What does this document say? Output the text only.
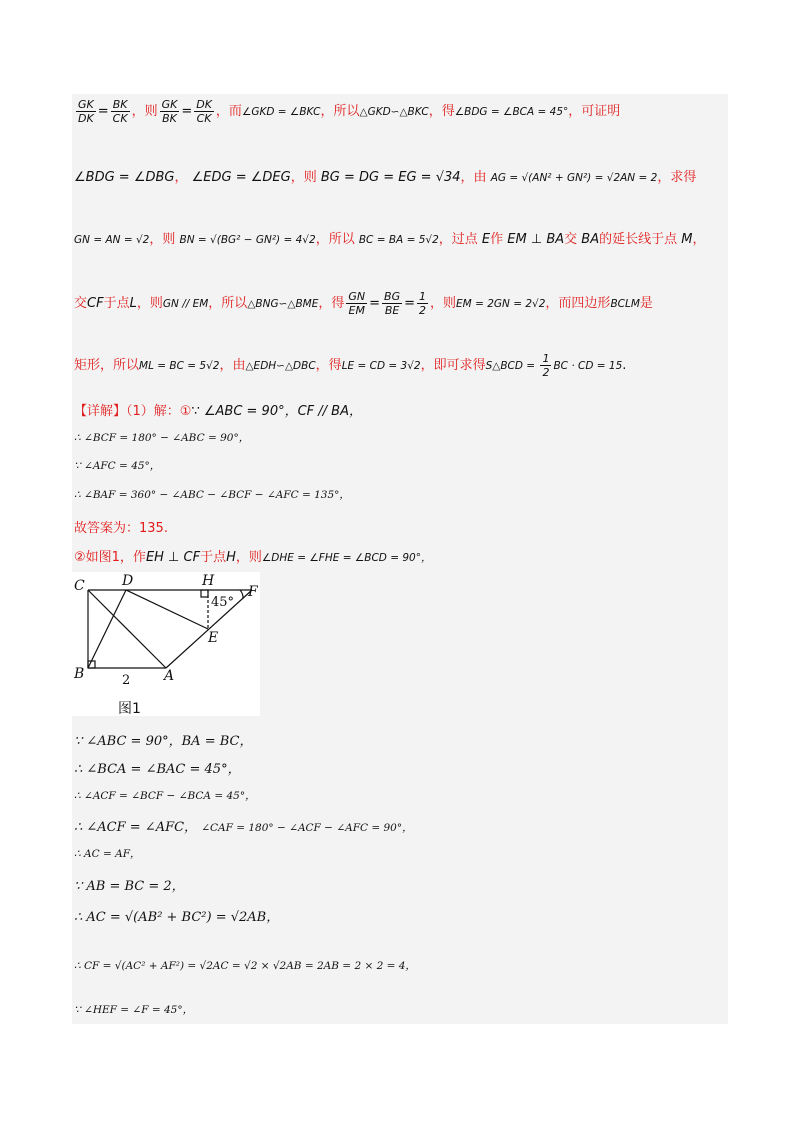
$\frac{GK}{DK} = \frac{BK}{CK}$ ，则 $\frac{GK}{BK} = \frac{DK}{CK}$ ，而∠GKD = ∠BKC，所以△GKD∽△BKC，得∠BDG = ∠BCA = 45°，可证明
∠BDG = ∠DBG， ∠EDG = ∠DEG，则 BG = DG = EG = √34，由 AG = √(AN² + GN²) = √2AN = 2，求得
GN = AN = √2，则 BN = √(BG² − GN²) = 4√2，所以 BC = BA = 5√2，过点 E作 EM ⊥ BA交 BA的延长线于点 M，
交CF于点L，则GN // EM，所以△BNG∽△BME，得 $\frac{GN}{EM} = \frac{BG}{BE} = \frac{1}{2}$ ，则EM = 2GN = 2√2，而四边形BCLM是
矩形，所以ML = BC = 5√2，由△EDH∽△DBC，得LE = CD = 3√2，即可求得S△BCD = $\frac{1}{2}$ BC · CD = 15.
【详解】（1）解：①∵ ∠ABC = 90°，CF // BA，
∴ ∠BCF = 180° − ∠ABC = 90°，
∵ ∠AFC = 45°，
∴ ∠BAF = 360° − ∠ABC − ∠BCF − ∠AFC = 135°，
故答案为：135.
②如图1，作EH ⊥ CF于点H，则∠DHE = ∠FHE = ∠BCD = 90°，
C	D	H
F
E
B	A
45°
2
图1
∵ ∠ABC = 90°，BA = BC，
∴ ∠BCA = ∠BAC = 45°，
∴ ∠ACF = ∠BCF − ∠BCA = 45°，
∴ ∠ACF = ∠AFC， ∠CAF = 180° − ∠ACF − ∠AFC = 90°，
∴ AC = AF，
∵ AB = BC = 2，
∴ AC = √(AB² + BC²) = √2AB，
∴ CF = √(AC² + AF²) = √2AC = √2 × √2AB = 2AB = 2 × 2 = 4，
∵ ∠HEF = ∠F = 45°，
